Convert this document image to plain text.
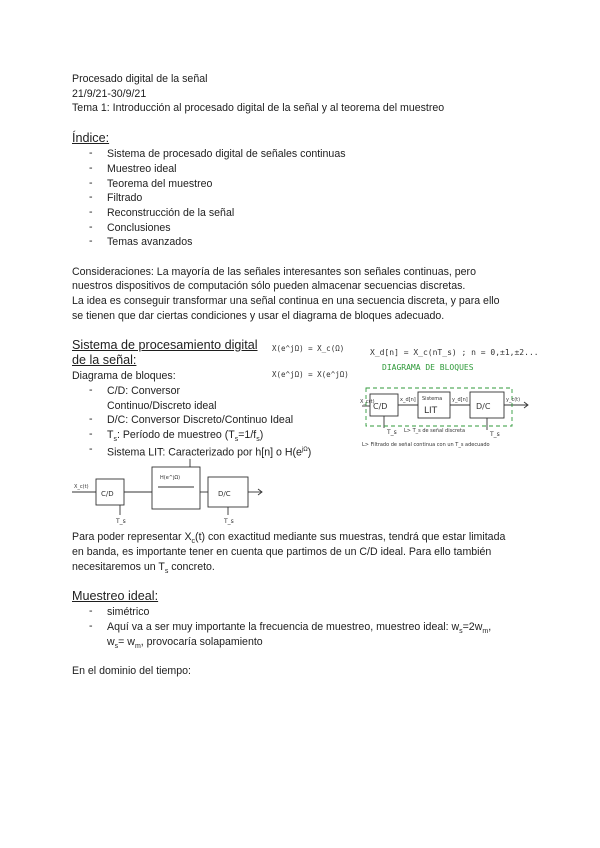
Procesado digital de la señal
21/9/21-30/9/21
Tema 1: Introducción al procesado digital de la señal y al teorema del muestreo
Índice:
- Sistema de procesado digital de señales continuas
- Muestreo ideal
- Teorema del muestreo
- Filtrado
- Reconstrucción de la señal
- Conclusiones
- Temas avanzados
Consideraciones: La mayoría de las señales interesantes son señales continuas, pero
nuestros dispositivos de computación sólo pueden almacenar secuencias discretas.
La idea es conseguir transformar una señal continua en una secuencia discreta, y para ello
se tienen que dar ciertas condiciones y usar el diagrama de bloques adecuado.
Sistema de procesamiento digital
de la señal:
Diagrama de bloques:
- C/D: Conversor
Continuo/Discreto ideal
- D/C: Conversor Discreto/Continuo Ideal
- $T_s$: Período de muestreo $(T_s=1/f_s)$
- Sistema LIT: Caracterizado por h[n] o $H(e^{j\Omega})$
X(e^jΩ) = X_c(Ω)
X(e^jΩ) = X(e^jΩ)
X_d[n] = X_c(nT_s) ; n = 0,±1,±2...
DIAGRAMA DE BLOQUES
C/D
Sistema
LIT	D/C
X_c(t)	x_d[n]	y_d[n]	y_c(t)
T_s	T_s
L> T_s de señal discreta
L> Filtrado de señal continua con un T_s adecuado
X_c(t)
C/D
H(e^jΩ)
D/C
T_s	T_s
Para poder representar $X_c(t)$ con exactitud mediante sus muestras, tendrá que estar limitada
en banda, es importante tener en cuenta que partimos de un C/D ideal. Para ello también
necesitaremos un $T_s$ concreto.
Muestreo ideal:
- simétrico
- Aquí va a ser muy importante la frecuencia de muestreo, muestreo ideal: $w_s=2w_m$,
$w_s= w_m$, provocaría solapamiento
En el dominio del tiempo:
